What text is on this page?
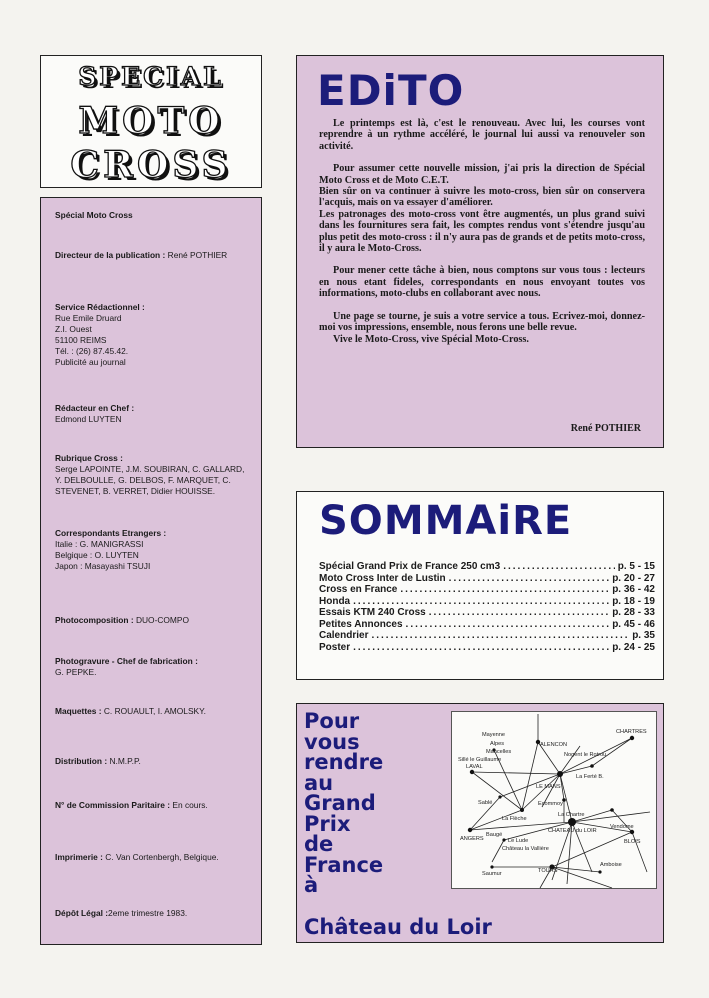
SPECIAL
MOTO
CROSS
Spécial Moto Cross
Directeur de la publication : René POTHIER
Service Rédactionnel :
Rue Emile Druard
Z.I. Ouest
51100 REIMS
Tél. : (26) 87.45.42.
Publicité au journal
Rédacteur en Chef :
Edmond LUYTEN
Rubrique Cross :
Serge LAPOINTE, J.M. SOUBIRAN, C. GALLARD, Y. DELBOULLE, G. DELBOS, F. MARQUET, C. STEVENET, B. VERRET, Didier HOUISSE.
Correspondants Etrangers :
Italie : G. MANIGRASSI
Belgique : O. LUYTEN
Japon : Masayashi TSUJI
Photocomposition : DUO-COMPO
Photogravure - Chef de fabrication :
G. PEPKE.
Maquettes : C. ROUAULT, I. AMOLSKY.
Distribution : N.M.P.P.
N° de Commission Paritaire : En cours.
Imprimerie : C. Van Cortenbergh, Belgique.
Dépôt Légal :2eme trimestre 1983.
EDiTO

Le printemps est là, c'est le renouveau. Avec lui, les courses vont reprendre à un rythme accéléré, le journal lui aussi va renouveler son activité.

Pour assumer cette nouvelle mission, j'ai pris la direction de Spécial Moto Cross et de Moto C.E.T.

Bien sûr on va continuer à suivre les moto-cross, bien sûr on conservera l'acquis, mais on va essayer d'améliorer.

Les patronages des moto-cross vont être augmentés, un plus grand suivi dans les fournitures sera fait, les comptes rendus vont s'étendre jusqu'au plus petit des moto-cross : il n'y aura pas de grands et de petits moto-cross, il y aura le Moto-Cross.

Pour mener cette tâche à bien, nous comptons sur vous tous : lecteurs en nous etant fideles, correspondants en nous envoyant toutes vos informations, moto-clubs en collaborant avec nous.

Une page se tourne, je suis a votre service a tous. Ecrivez-moi, donnez-moi vos impressions, ensemble, nous ferons une belle revue.

Vive le Moto-Cross, vive Spécial Moto-Cross.

René POTHIER
SOMMAiRE
Spécial Grand Prix de France 250 cm3 .....	p. 5 - 15
Moto Cross Inter de Lustin .....	p. 20 - 27
Cross en France .....	p. 36 - 42
Honda .....	p. 18 - 19
Essais KTM 240 Cross .....	p. 28 - 33
Petites Annonces .....	p. 45 - 46
Calendrier .....	p. 35
Poster .....	p. 24 - 25
Pour
vous
rendre
au
Grand
Prix
de
France
à
Château du Loir
Mayenne
Alpes
Mancelles
Sillé le Guillaume
ALENCON
CHARTRES
Nogent le Rotrou
LAVAL
LE MANS
La Ferté B.
Sablé	Ecommoy
La Chartre
La Flèche
ANGERS
Baugé
CHATEAU du LOIR
Vendome
BLOIS
Château la Vallière
Le Lude
Saumur	TOURS
Amboise
